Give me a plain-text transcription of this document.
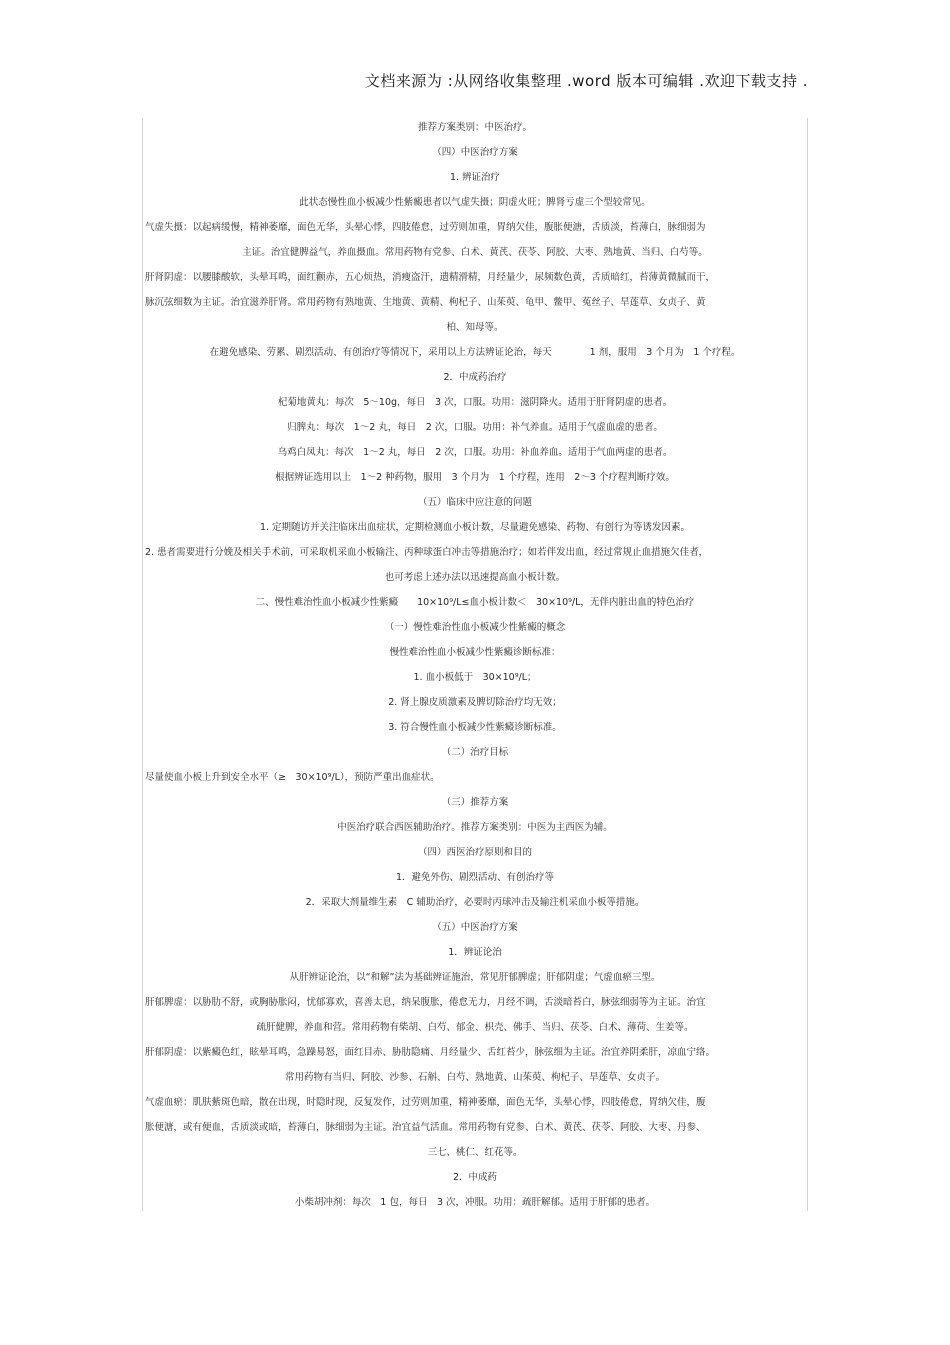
文档来源为 :从网络收集整理 .word 版本可编辑 .欢迎下载支持 .
推荐方案类别：中医治疗。
（四）中医治疗方案
1. 辨证治疗
此状态慢性血小板减少性紫癜患者以气虚失摄；阴虚火旺；脾肾亏虚三个型较常见。
气虚失摄：以起病缓慢，精神萎靡，面色无华，头晕心悸，四肢倦怠，过劳则加重，胃纳欠佳，腹胀便溏，舌质淡，苔薄白，脉细弱为
主证。治宜健脾益气，养血摄血。常用药物有党参、白术、黄芪、茯苓、阿胶、大枣、熟地黄、当归、白芍等。
肝肾阴虚：以腰膝酸软，头晕耳鸣，面红颧赤，五心烦热，消瘦盗汗，遗精滑精，月经量少，尿频数色黄，舌质暗红，苔薄黄微腻而干，
脉沉弦细数为主证。治宜滋养肝肾。常用药物有熟地黄、生地黄、黄精、枸杞子、山茱萸、龟甲、鳖甲、菟丝子、旱莲草、女贞子、黄
柏、知母等。
在避免感染、劳累、剧烈活动、有创治疗等情况下，采用以上方法辨证论治，每天　　　　1 剂，服用　3 个月为　1 个疗程。
2．中成药治疗
杞菊地黄丸：每次　5～10g，每日　3 次，口服。功用：滋阴降火。适用于肝肾阴虚的患者。
归脾丸：每次　1～2 丸，每日　2 次，口服。功用：补气养血。适用于气虚血虚的患者。
乌鸡白凤丸：每次　1～2 丸，每日　2 次，口服。功用：补血养血。适用于气血两虚的患者。
根据辨证选用以上　1～2 种药物，服用　3 个月为　1 个疗程，连用　2～3 个疗程判断疗效。
（五）临床中应注意的问题
1. 定期随访并关注临床出血症状，定期检测血小板计数，尽量避免感染、药物、有创行为等诱发因素。
2. 患者需要进行分娩及相关手术前，可采取机采血小板输注、丙种球蛋白冲击等措施治疗；如若伴发出血，经过常规止血措施欠佳者，
也可考虑上述办法以迅速提高血小板计数。
二、慢性难治性血小板减少性紫癜　　10×10⁹/L≤血小板计数＜　30×10⁹/L，无伴内脏出血的特色治疗
（一）慢性难治性血小板减少性紫癜的概念
慢性难治性血小板减少性紫癜诊断标准：
1. 血小板低于　30×10⁹/L；
2. 肾上腺皮质激素及脾切除治疗均无效；
3. 符合慢性血小板减少性紫癜诊断标准。
（二）治疗目标
尽量使血小板上升到安全水平（≥　30×10⁹/L），预防严重出血症状。
（三）推荐方案
中医治疗联合西医辅助治疗。推荐方案类别：中医为主西医为辅。
（四）西医治疗原则和目的
1．避免外伤、剧烈活动、有创治疗等
2．采取大剂量维生素　C 辅助治疗，必要时丙球冲击及输注机采血小板等措施。
（五）中医治疗方案
1．辨证论治
从肝辨证论治，以“和解”法为基础辨证施治，常见肝郁脾虚；肝郁阴虚；气虚血瘀三型。
肝郁脾虚：以胁肋不舒，或胸胁胀闷，忧郁寡欢，喜善太息，纳呆腹胀，倦怠无力，月经不调，舌淡暗苔白，脉弦细弱等为主证。治宜
疏肝健脾，养血和营。常用药物有柴胡、白芍、郁金、枳壳、佛手、当归、茯苓、白术、薄荷、生姜等。
肝郁阴虚：以紫癜色红，眩晕耳鸣，急躁易怒，面红目赤、胁肋隐痛、月经量少、舌红苔少，脉弦细为主证。治宜养阴柔肝，凉血宁络。
常用药物有当归、阿胶、沙参、石斛、白芍、熟地黄、山茱萸、枸杞子、旱莲草、女贞子。
气虚血瘀：肌肤紫斑色暗，散在出现，时隐时现，反复发作，过劳则加重，精神萎靡，面色无华，头晕心悸，四肢倦怠，胃纳欠佳，腹
胀便溏，或有便血，舌质淡或暗，苔薄白，脉细弱为主证。治宜益气活血。常用药物有党参、白术、黄芪、茯苓、阿胶、大枣、丹参、
三七、桃仁、红花等。
2．中成药
小柴胡冲剂：每次　1 包，每日　3 次，冲服。功用：疏肝解郁。适用于肝郁的患者。
